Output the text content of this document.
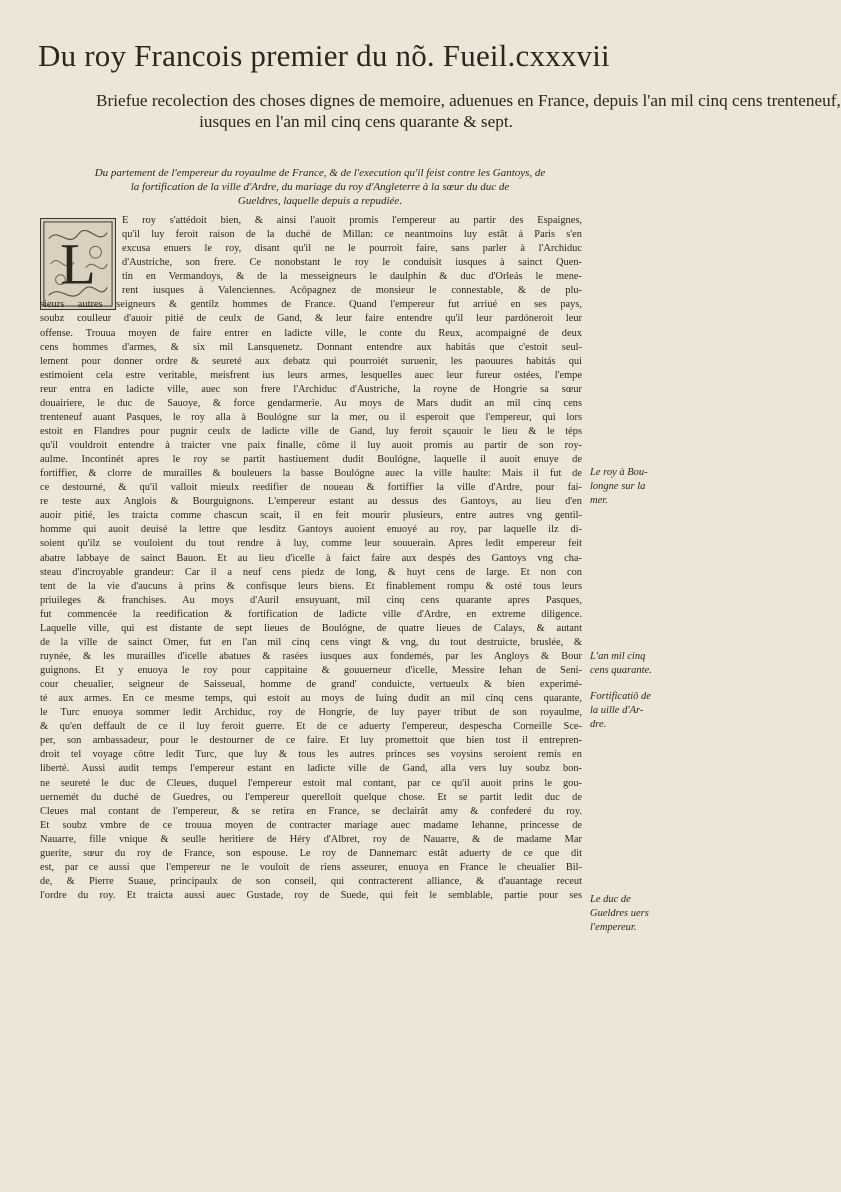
Du roy Francois premier du nõ. Fueil.cxxxvii
Briefue recolection des choses dignes de memoire, aduenues en France, depuis l'an mil cinq cens trenteneuf,
iusques en l'an mil cinq cens quarante & sept.
Du partement de l'empereur du royaulme de France, & de l'execution qu'il feist contre les Gantoys, de
la fortification de la ville d'Ardre, du mariage du roy d'Angleterre à la sœur du duc de
Gueldres, laquelle depuis a repudiée.
L
E roy s'attédoit bien, & ainsi l'auoit promis l'empereur au partir des Espaignes,
qu'il luy feroit raison de la duché de Millan: ce neantmoins luy estât à Paris s'en
excusa enuers le roy, disant qu'il ne le pourroit faire, sans parler à l'Archiduc
d'Austriche, son frere. Ce nonobstant le roy le conduisit iusques à sainct Quen-
tin en Vermandoys, & de la messeigneurs le daulphin & duc d'Orleás le mene-
rent iusques à Valenciennes. Acôpagnez de monsieur le connestable, & de plu-
sieurs autres seigneurs & gentilz hommes de France. Quand l'empereur fut arriué en ses pays,
soubz coulleur d'auoir pitié de ceulx de Gand, & leur faire entendre qu'il leur pardóneroit leur
offense. Trouua moyen de faire entrer en ladicte ville, le conte du Reux, acompaigné de deux
cens hommes d'armes, & six mil Lansquenetz. Donnant entendre aux habitás que c'estoit seul-
lement pour donner ordre & seureté aux debatz qui pourroiét suruenir, les paouures habitás qui
estimoient cela estre veritable, meisfrent ius leurs armes, lesquelles auec leur fureur ostées, l'empe
reur entra en ladicte ville, auec son frere l'Archiduc d'Austriche, la royne de Hongrie sa sœur
douairiere, le duc de Sauoye, & force gendarmerie. Au moys de Mars dudit an mil cinq cens
trenteneuf auant Pasques, le roy alla à Boulógne sur la mer, ou il esperoit que l'empereur, qui lors
estoit en Flandres pour pugnir ceulx de ladicte ville de Gand, luy feroit sçauoir le lieu & le téps
qu'il vouldroit entendre à traicter vne paix finalle, côme il luy auoit promis au partir de son roy-
aulme. Incontinét apres le roy se partit hastiuement dudit Boulógne, laquelle il auoit enuye de
fortiffier, & clorre de murailles & bouleuers la basse Boulógne auec la ville haulte: Mais il fut de
ce destourné, & qu'il valloit mieulx reedifier de noueau & fortiffier la ville d'Ardre, pour fai-
re teste aux Anglois & Bourguignons. L'empereur estant au dessus des Gantoys, au lieu d'en
auoir pitié, les traicta comme chascun scait, il en feit mourir plusieurs, entre autres vng gentil-
homme qui auoit deuisé la lettre que lesditz Gantoys auoient enuoyé au roy, par laquelle ilz di-
soient qu'ilz se vouloient du tout rendre à luy, comme leur souuerain. Apres ledit empereur feit
abatre labbaye de sainct Bauon. Et au lieu d'icelle à faict faire aux despés des Gantoys vng cha-
steau d'incroyable grandeur: Car il a neuf cens piedz de long, & huyt cens de large. Et non con
tent de la vie d'aucuns à prins & confisque leurs biens. Et finablement rompu & osté tous leurs
priuileges & franchises. Au moys d'Auril ensuyuant, mil cinq cens quarante apres Pasques,
fut commencée la reedification & fortification de ladicte ville d'Ardre, en extreme diligence.
Laquelle ville, qui est distante de sept lieues de Boulógne, de quatre lieues de Calays, & autant
de la ville de sainct Omer, fut en l'an mil cinq cens vingt & vng, du tout destruicte, bruslée, &
ruynée, & les murailles d'icelle abatues & rasées iusques aux fondemés, par les Angloys & Bour
guignons. Et y enuoya le roy pour cappitaine & gouuerneur d'icelle, Messire Iehan de Seni-
cour cheualier, seigneur de Saisseual, homme de grand' conduicte, vertueulx & bien experimé-
té aux armes. En ce mesme temps, qui estoit au moys de Iuing dudit an mil cinq cens quarante,
le Turc enuoya sommer ledit Archiduc, roy de Hongrie, de luy payer tribut de son royaulme,
& qu'en deffault de ce il luy feroit guerre. Et de ce aduerty l'empereur, despescha Corneille Sce-
per, son ambassadeur, pour le destourner de ce faire. Et luy promettoit que bien tost il entrepren-
droit tel voyage côtre ledit Turc, que luy & tous les autres princes ses voysins seroient remis en
liberté. Aussi audit temps l'empereur estant en ladicte ville de Gand, alla vers luy soubz bon-
ne seureté le duc de Cleues, duquel l'empereur estoit mal contant, par ce qu'il auoit prins le gou-
uernemét du duché de Guedres, ou l'empereur querelloit quelque chose. Et se partit ledit duc de
Cleues mal contant de l'empereur, & se retira en France, se declairât amy & confederé du roy.
Et soubz vmbre de ce trouua moyen de contracter mariage auec madame Iehanne, princesse de
Nauarre, fille vnique & seulle heritiere de Héry d'Albret, roy de Nauarre, & de madame Mar
guerite, sœur du roy de France, son espouse. Le roy de Dannemarc estât aduerty de ce que dit
est, par ce aussi que l'empereur ne le vouloit de riens asseurer, enuoya en France le cheualier Bil-
de, & Pierre Suaue, principaulx de son conseil, qui contracterent alliance, & d'auantage receut
l'ordre du roy. Et traicta aussi auec Gustade, roy de Suede, qui feit le semblable, partie pour ses
Le roy à Bou-
longne sur la
mer.
L'an mil cinq
cens quarante.
Fortificatiô de
la uille d'Ar-
dre.
Le duc de
Gueldres uers
l'empereur.
